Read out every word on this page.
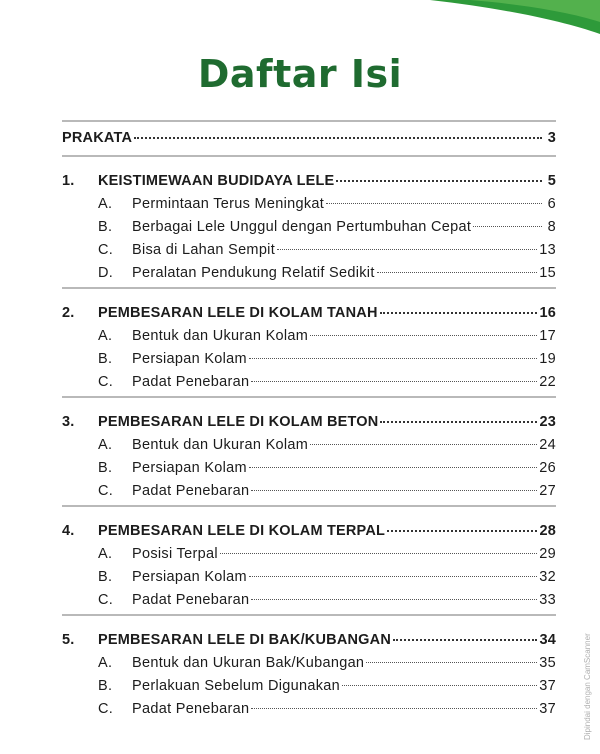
Daftar Isi
PRAKATA	3
1.	KEISTIMEWAAN BUDIDAYA LELE	5
A.	Permintaan Terus Meningkat	6
B.	Berbagai Lele Unggul dengan Pertumbuhan Cepat	8
C.	Bisa di Lahan Sempit	13
D.	Peralatan Pendukung Relatif Sedikit	15
2.	PEMBESARAN LELE DI KOLAM TANAH	16
A.	Bentuk dan Ukuran Kolam	17
B.	Persiapan Kolam	19
C.	Padat Penebaran	22
3.	PEMBESARAN LELE DI KOLAM BETON	23
A.	Bentuk dan Ukuran Kolam	24
B.	Persiapan Kolam	26
C.	Padat Penebaran	27
4.	PEMBESARAN LELE DI KOLAM TERPAL	28
A.	Posisi Terpal	29
B.	Persiapan Kolam	32
C.	Padat Penebaran	33
5.	PEMBESARAN LELE DI BAK/KUBANGAN	34
A.	Bentuk dan Ukuran Bak/Kubangan	35
B.	Perlakuan Sebelum Digunakan	37
C.	Padat Penebaran	37	Dipindai dengan CamScanner
